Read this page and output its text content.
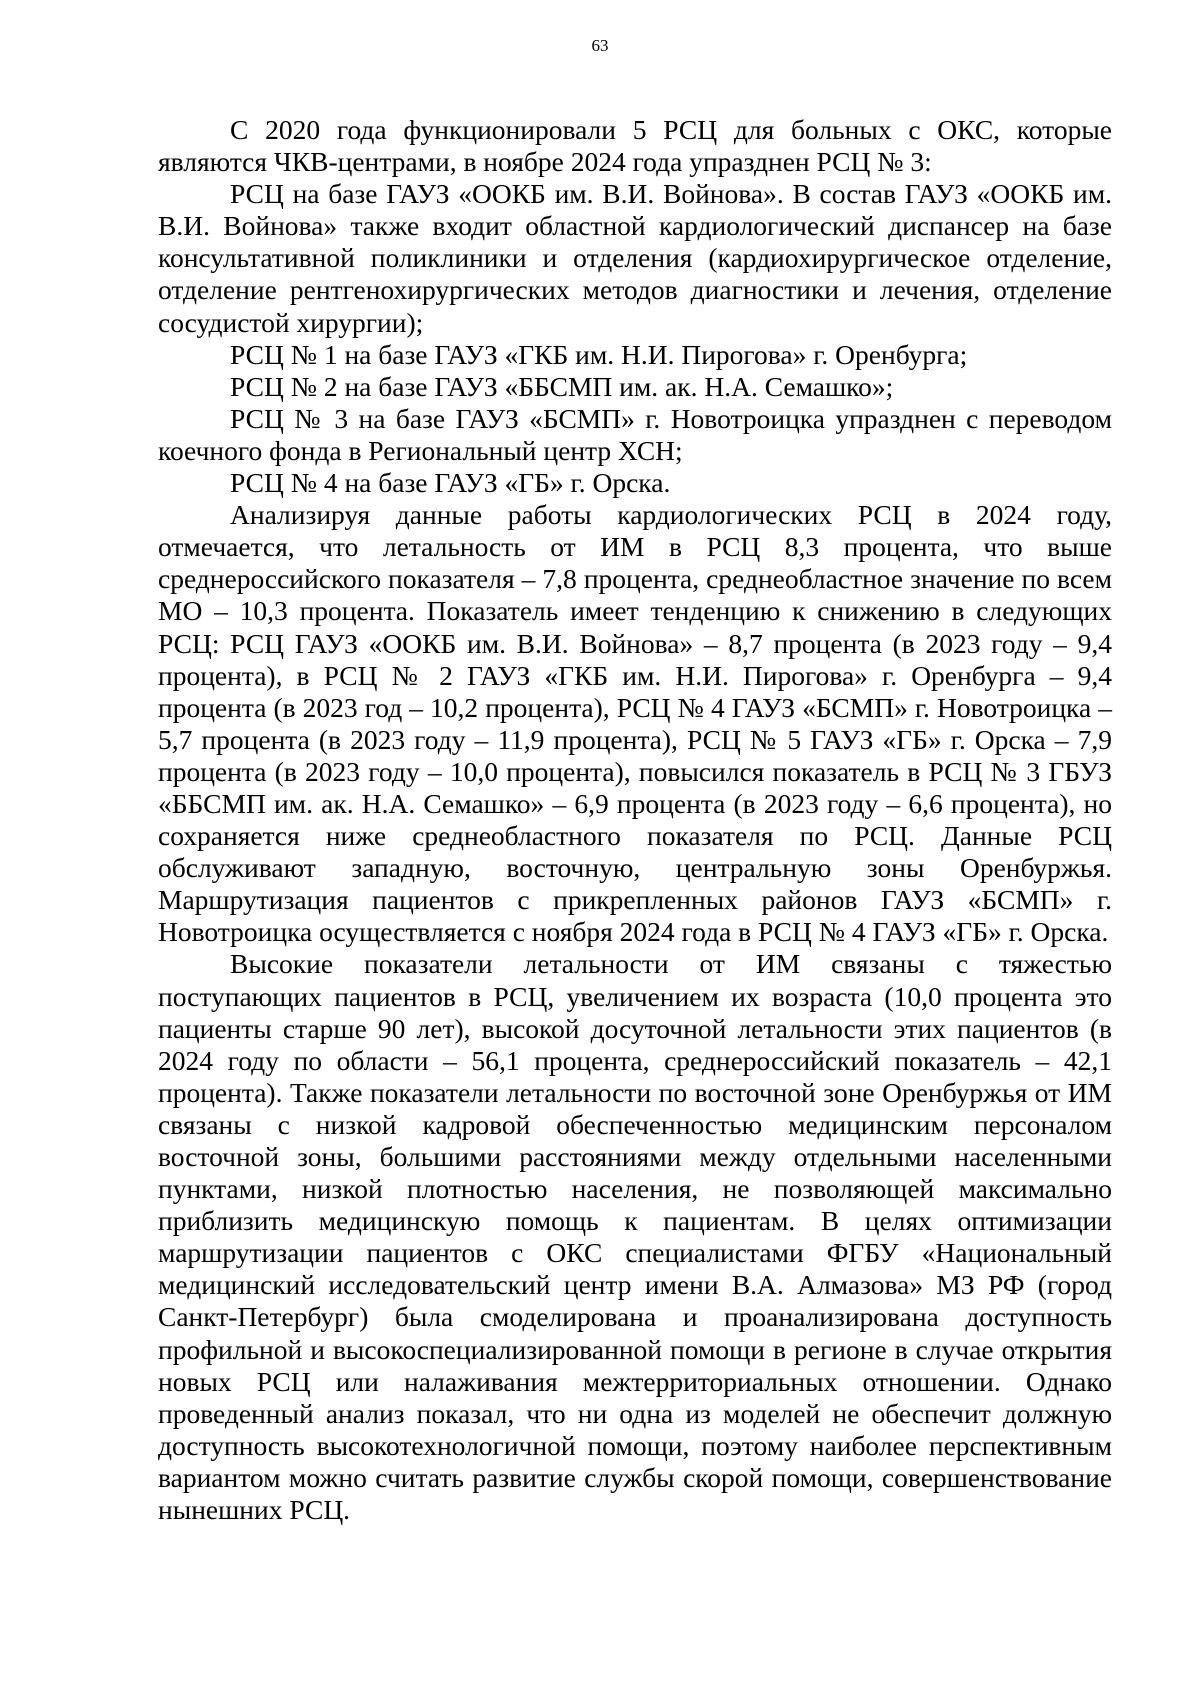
63

С 2020 года функционировали 5 РСЦ для больных с ОКС, которые являются ЧКВ-центрами, в ноябре 2024 года упразднен РСЦ № 3:

РСЦ на базе ГАУЗ «ООКБ им. В.И. Войнова». В состав ГАУЗ «ООКБ им. В.И. Войнова» также входит областной кардиологический диспансер на базе консультативной поликлиники и отделения (кардиохирургическое отделение, отделение рентгенохирургических методов диагностики и лечения, отделение сосудистой хирургии);

РСЦ № 1 на базе ГАУЗ «ГКБ им. Н.И. Пирогова» г. Оренбурга;

РСЦ № 2 на базе ГАУЗ «ББСМП им. ак. Н.А. Семашко»;

РСЦ № 3 на базе ГАУЗ «БСМП» г. Новотроицка упразднен с переводом коечного фонда в Региональный центр ХСН;

РСЦ № 4 на базе ГАУЗ «ГБ» г. Орска.

Анализируя данные работы кардиологических РСЦ в 2024 году, отмечается, что летальность от ИМ в РСЦ 8,3 процента, что выше среднероссийского показателя – 7,8 процента, среднеобластное значение по всем МО – 10,3 процента. Показатель имеет тенденцию к снижению в следующих РСЦ: РСЦ ГАУЗ «ООКБ им. В.И. Войнова» – 8,7 процента (в 2023 году – 9,4 процента), в РСЦ № 2 ГАУЗ «ГКБ им. Н.И. Пирогова» г. Оренбурга – 9,4 процента (в 2023 год – 10,2 процента), РСЦ № 4 ГАУЗ «БСМП» г. Новотроицка – 5,7 процента (в 2023 году – 11,9 процента), РСЦ № 5 ГАУЗ «ГБ» г. Орска – 7,9 процента (в 2023 году – 10,0 процента), повысился показатель в РСЦ № 3 ГБУЗ «ББСМП им. ак. Н.А. Семашко» – 6,9 процента (в 2023 году – 6,6 процента), но сохраняется ниже среднеобластного показателя по РСЦ. Данные РСЦ обслуживают западную, восточную, центральную зоны Оренбуржья. Маршрутизация пациентов с прикрепленных районов ГАУЗ «БСМП» г. Новотроицка осуществляется с ноября 2024 года в РСЦ № 4 ГАУЗ «ГБ» г. Орска.

Высокие показатели летальности от ИМ связаны с тяжестью поступающих пациентов в РСЦ, увеличением их возраста (10,0 процента это пациенты старше 90 лет), высокой досуточной летальности этих пациентов (в 2024 году по области – 56,1 процента, среднероссийский показатель – 42,1 процента). Также показатели летальности по восточной зоне Оренбуржья от ИМ связаны с низкой кадровой обеспеченностью медицинским персоналом восточной зоны, большими расстояниями между отдельными населенными пунктами, низкой плотностью населения, не позволяющей максимально приблизить медицинскую помощь к пациентам. В целях оптимизации маршрутизации пациентов с ОКС специалистами ФГБУ «Национальный медицинский исследовательский центр имени В.А. Алмазова» МЗ РФ (город Санкт-Петербург) была смоделирована и проанализирована доступность профильной и высокоспециализированной помощи в регионе в случае открытия новых РСЦ или налаживания межтерриториальных отношении. Однако проведенный анализ показал, что ни одна из моделей не обеспечит должную доступность высокотехнологичной помощи, поэтому наиболее перспективным вариантом можно считать развитие службы скорой помощи, совершенствование нынешних РСЦ.
